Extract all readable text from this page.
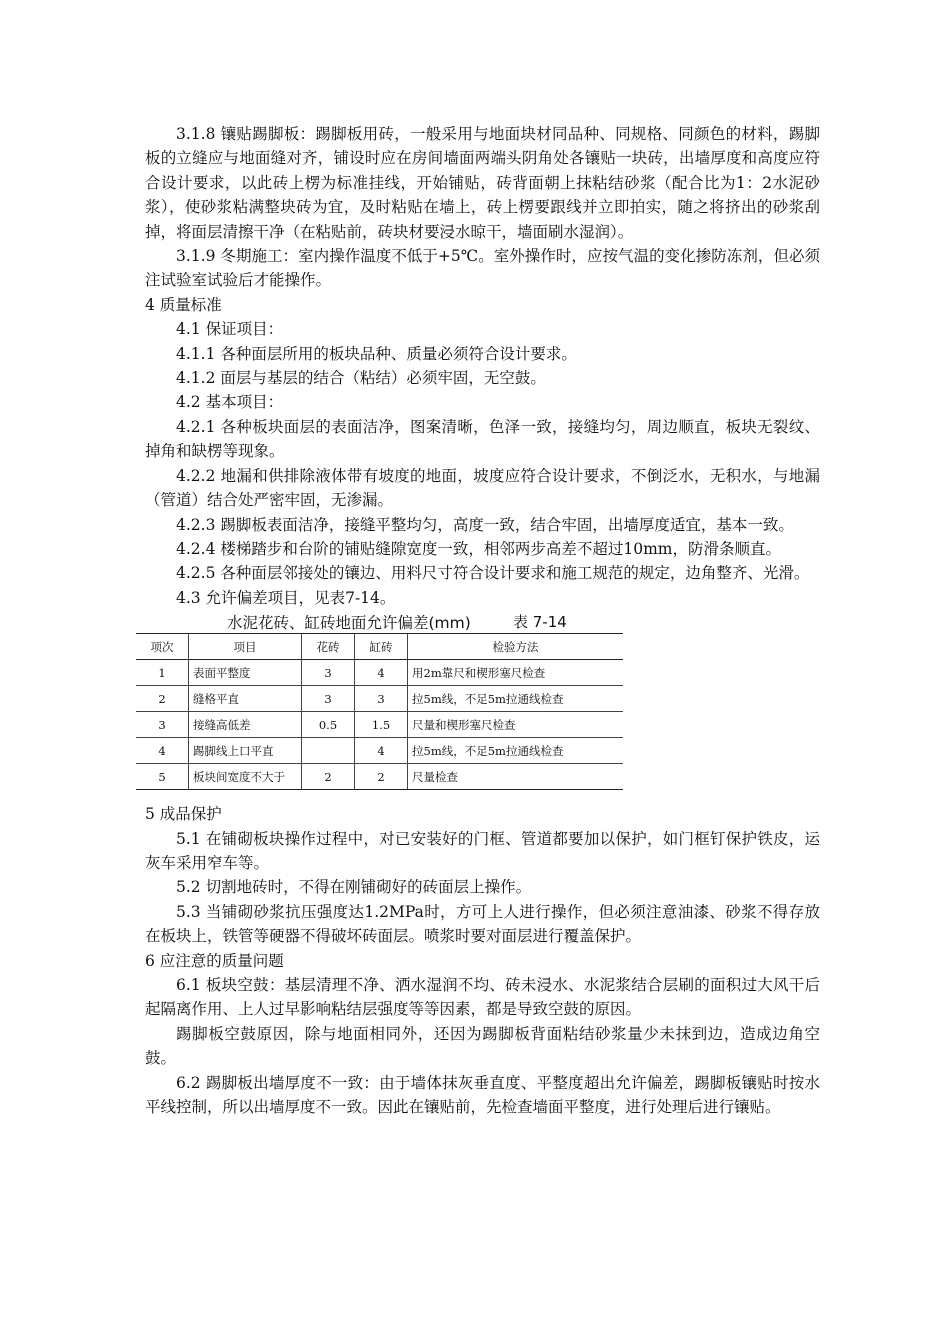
3.1.8 镶贴踢脚板：踢脚板用砖，一般采用与地面块材同品种、同规格、同颜色的材料，踢脚板的立缝应与地面缝对齐，铺设时应在房间墙面两端头阴角处各镶贴一块砖，出墙厚度和高度应符合设计要求，以此砖上楞为标准挂线，开始铺贴，砖背面朝上抹粘结砂浆（配合比为1：2水泥砂浆），使砂浆粘满整块砖为宜，及时粘贴在墙上，砖上楞要跟线并立即拍实，随之将挤出的砂浆刮掉，将面层清擦干净（在粘贴前，砖块材要浸水晾干，墙面刷水湿润）。

3.1.9 冬期施工：室内操作温度不低于+5℃。室外操作时，应按气温的变化掺防冻剂，但必须注试验室试验后才能操作。

4 质量标准

4.1 保证项目：

4.1.1 各种面层所用的板块品种、质量必须符合设计要求。

4.1.2 面层与基层的结合（粘结）必须牢固，无空鼓。

4.2 基本项目：

4.2.1 各种板块面层的表面洁净，图案清晰，色泽一致，接缝均匀，周边顺直，板块无裂纹、掉角和缺楞等现象。

4.2.2 地漏和供排除液体带有坡度的地面，坡度应符合设计要求，不倒泛水，无积水，与地漏（管道）结合处严密牢固，无渗漏。

4.2.3 踢脚板表面洁净，接缝平整均匀，高度一致，结合牢固，出墙厚度适宜，基本一致。

4.2.4 楼梯踏步和台阶的铺贴缝隙宽度一致，相邻两步高差不超过10mm，防滑条顺直。

4.2.5 各种面层邻接处的镶边、用料尺寸符合设计要求和施工规范的规定，边角整齐、光滑。

4.3 允许偏差项目，见表7-14。

水泥花砖、缸砖地面允许偏差(mm)	表 7-14
项次	项目	花砖	缸砖	检验方法
1	表面平整度	3	4	用2m靠尺和楔形塞尺检查
2	缝格平直	3	3	拉5m线，不足5m拉通线检查
3	接缝高低差	0.5	1.5	尺量和楔形塞尺检查
4	踢脚线上口平直		4	拉5m线，不足5m拉通线检查
5	板块间宽度不大于	2	2	尺量检查

5 成品保护

5.1 在铺砌板块操作过程中，对已安装好的门框、管道都要加以保护，如门框钉保护铁皮，运灰车采用窄车等。

5.2 切割地砖时，不得在刚铺砌好的砖面层上操作。

5.3 当铺砌砂浆抗压强度达1.2MPa时，方可上人进行操作，但必须注意油漆、砂浆不得存放在板块上，铁管等硬器不得破坏砖面层。喷浆时要对面层进行覆盖保护。

6 应注意的质量问题

6.1 板块空鼓：基层清理不净、洒水湿润不均、砖未浸水、水泥浆结合层刷的面积过大风干后起隔离作用、上人过早影响粘结层强度等等因素，都是导致空鼓的原因。

踢脚板空鼓原因，除与地面相同外，还因为踢脚板背面粘结砂浆量少未抹到边，造成边角空鼓。

6.2 踢脚板出墙厚度不一致：由于墙体抹灰垂直度、平整度超出允许偏差，踢脚板镶贴时按水平线控制，所以出墙厚度不一致。因此在镶贴前，先检查墙面平整度，进行处理后进行镶贴。
